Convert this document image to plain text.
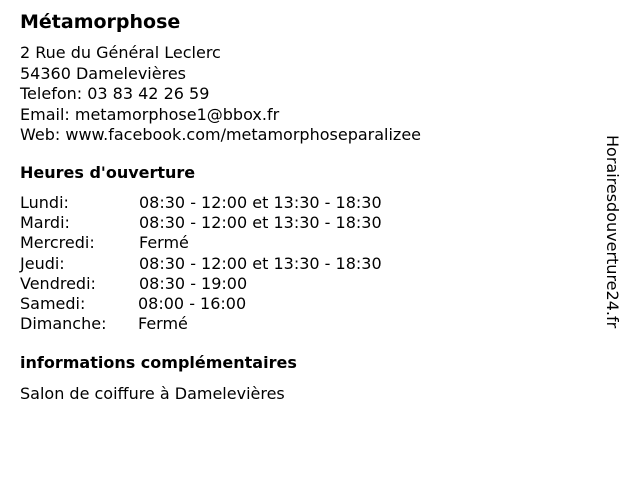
Métamorphose
2 Rue du Général Leclerc
54360 Damelevières
Telefon: 03 83 42 26 59
Email: metamorphose1@bbox.fr
Web: www.facebook.com/metamorphoseparalizee
Heures d'ouverture
Lundi:	08:30 - 12:00 et 13:30 - 18:30
Mardi:	08:30 - 12:00 et 13:30 - 18:30
Mercredi:	Fermé
Jeudi:	08:30 - 12:00 et 13:30 - 18:30
Vendredi:	08:30 - 19:00
Samedi:	08:00 - 16:00
Dimanche: Fermé
informations complémentaires
Salon de coiffure à Damelevières
Horairesdouverture24.fr
